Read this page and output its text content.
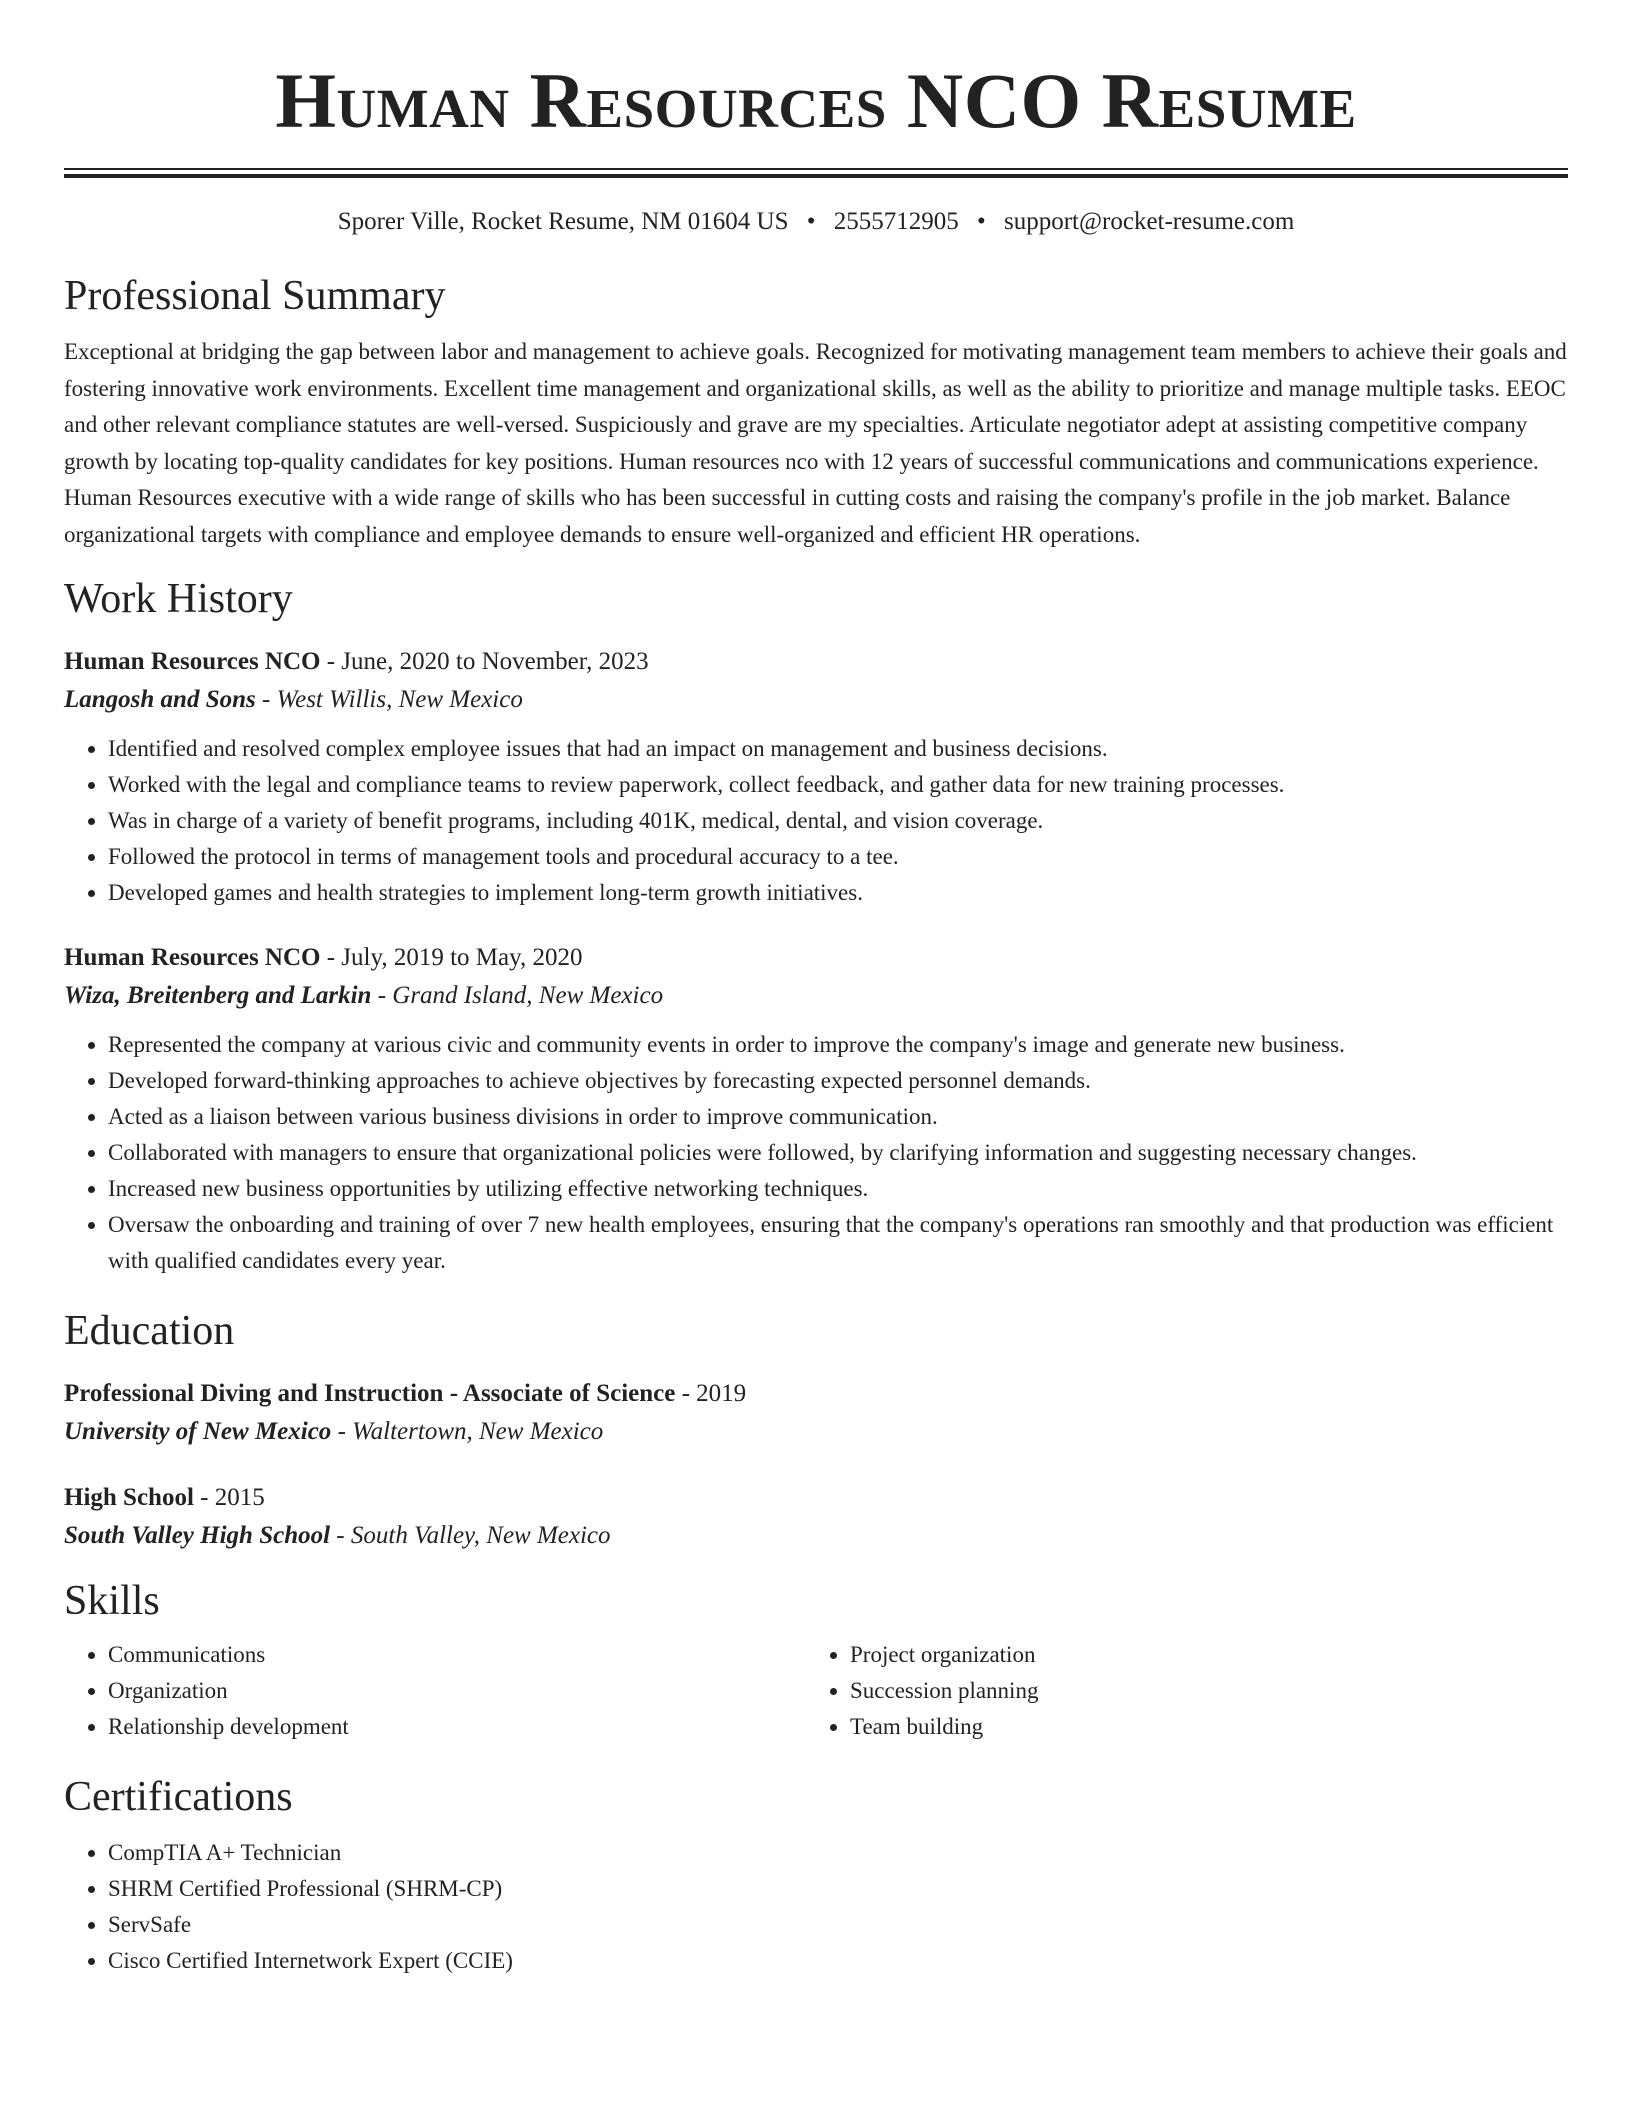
Human Resources NCO Resume
Sporer Ville, Rocket Resume, NM 01604 US • 2555712905 • support@rocket-resume.com
Professional Summary

Exceptional at bridging the gap between labor and management to achieve goals. Recognized for motivating management team members to achieve their goals and fostering innovative work environments. Excellent time management and organizational skills, as well as the ability to prioritize and manage multiple tasks. EEOC and other relevant compliance statutes are well-versed. Suspiciously and grave are my specialties. Articulate negotiator adept at assisting competitive company growth by locating top-quality candidates for key positions. Human resources nco with 12 years of successful communications and communications experience. Human Resources executive with a wide range of skills who has been successful in cutting costs and raising the company's profile in the job market. Balance organizational targets with compliance and employee demands to ensure well-organized and efficient HR operations.

Work History
Human Resources NCO - June, 2020 to November, 2023
Langosh and Sons - West Willis, New Mexico
• Identified and resolved complex employee issues that had an impact on management and business decisions.
• Worked with the legal and compliance teams to review paperwork, collect feedback, and gather data for new training processes.
• Was in charge of a variety of benefit programs, including 401K, medical, dental, and vision coverage.
• Followed the protocol in terms of management tools and procedural accuracy to a tee.
• Developed games and health strategies to implement long-term growth initiatives.
Human Resources NCO - July, 2019 to May, 2020
Wiza, Breitenberg and Larkin - Grand Island, New Mexico
• Represented the company at various civic and community events in order to improve the company's image and generate new business.
• Developed forward-thinking approaches to achieve objectives by forecasting expected personnel demands.
• Acted as a liaison between various business divisions in order to improve communication.
• Collaborated with managers to ensure that organizational policies were followed, by clarifying information and suggesting necessary changes.
• Increased new business opportunities by utilizing effective networking techniques.
• Oversaw the onboarding and training of over 7 new health employees, ensuring that the company's operations ran smoothly and that production was efficient with qualified candidates every year.
Education
Professional Diving and Instruction - Associate of Science - 2019
University of New Mexico - Waltertown, New Mexico
High School - 2015
South Valley High School - South Valley, New Mexico
Skills
• Communications
• Organization
• Relationship development
• Project organization
• Succession planning
• Team building
Certifications
• CompTIA A+ Technician
• SHRM Certified Professional (SHRM-CP)
• ServSafe
• Cisco Certified Internetwork Expert (CCIE)
